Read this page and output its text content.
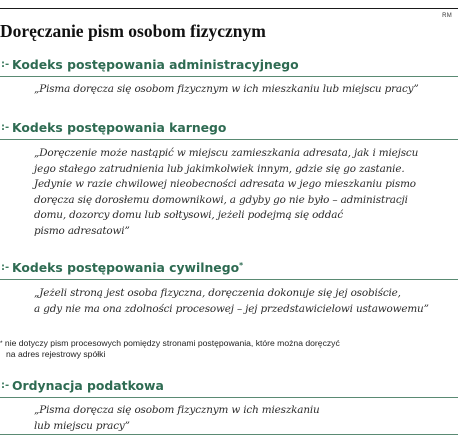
RM
Doręczanie pism osobom fizycznym
:- Kodeks postępowania administracyjnego
„Pisma doręcza się osobom fizycznym w ich mieszkaniu lub miejscu pracy”
:- Kodeks postępowania karnego
„Doręczenie może nastąpić w miejscu zamieszkania adresata, jak i miejscu
jego stałego zatrudnienia lub jakimkolwiek innym, gdzie się go zastanie.
Jedynie w razie chwilowej nieobecności adresata w jego mieszkaniu pismo
doręcza się dorosłemu domownikowi, a gdyby go nie było – administracji
domu, dozorcy domu lub sołtysowi, jeżeli podejmą się oddać
pismo adresatowi”
:- Kodeks postępowania cywilnego*
„Jeżeli stroną jest osoba fizyczna, doręczenia dokonuje się jej osobiście,
a gdy nie ma ona zdolności procesowej – jej przedstawicielowi ustawowemu”
* nie dotyczy pism procesowych pomiędzy stronami postępowania, które można doręczyć
na adres rejestrowy spółki
:- Ordynacja podatkowa
„Pisma doręcza się osobom fizycznym w ich mieszkaniu
lub miejscu pracy”
